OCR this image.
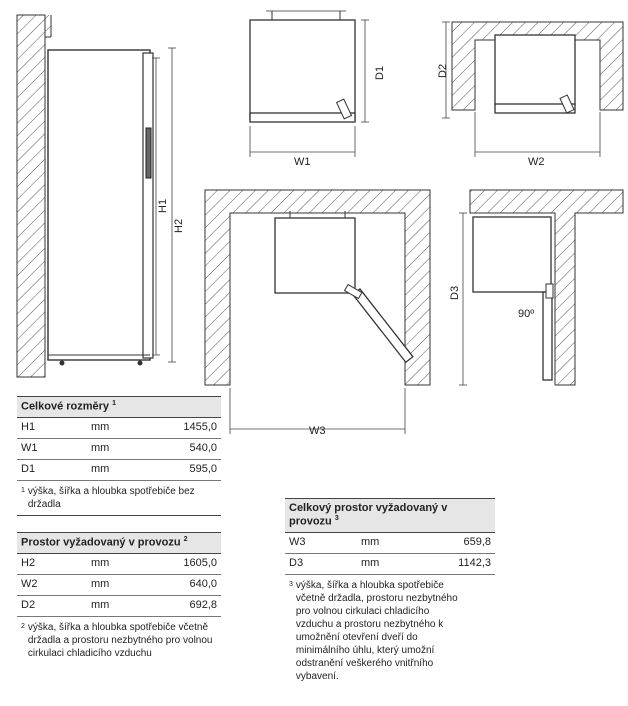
H1
H2
D1
W1
D2
W2
D3
90º
W3
Celkové rozměry $^1$
H1	mm	1455,0
W1	mm	540,0
D1	mm	595,0
1 výška, šířka a hloubka spotřebiče bez držadla
Prostor vyžadovaný v provozu $^2$
H2	mm	1605,0
W2	mm	640,0
D2	mm	692,8
2 výška, šířka a hloubka spotřebiče včetně držadla a prostoru nezbytného pro volnou cirkulaci chladicího vzduchu
Celkový prostor vyžadovaný v provozu $^3$
W3	mm	659,8
D3	mm	1142,3
3 výška, šířka a hloubka spotřebiče včetně držadla, prostoru nezbytného pro volnou cirkulaci chladicího vzduchu a prostoru nezbytného k umožnění otevření dveří do minimálního úhlu, který umožní odstranění veškerého vnitřního vybavení.
